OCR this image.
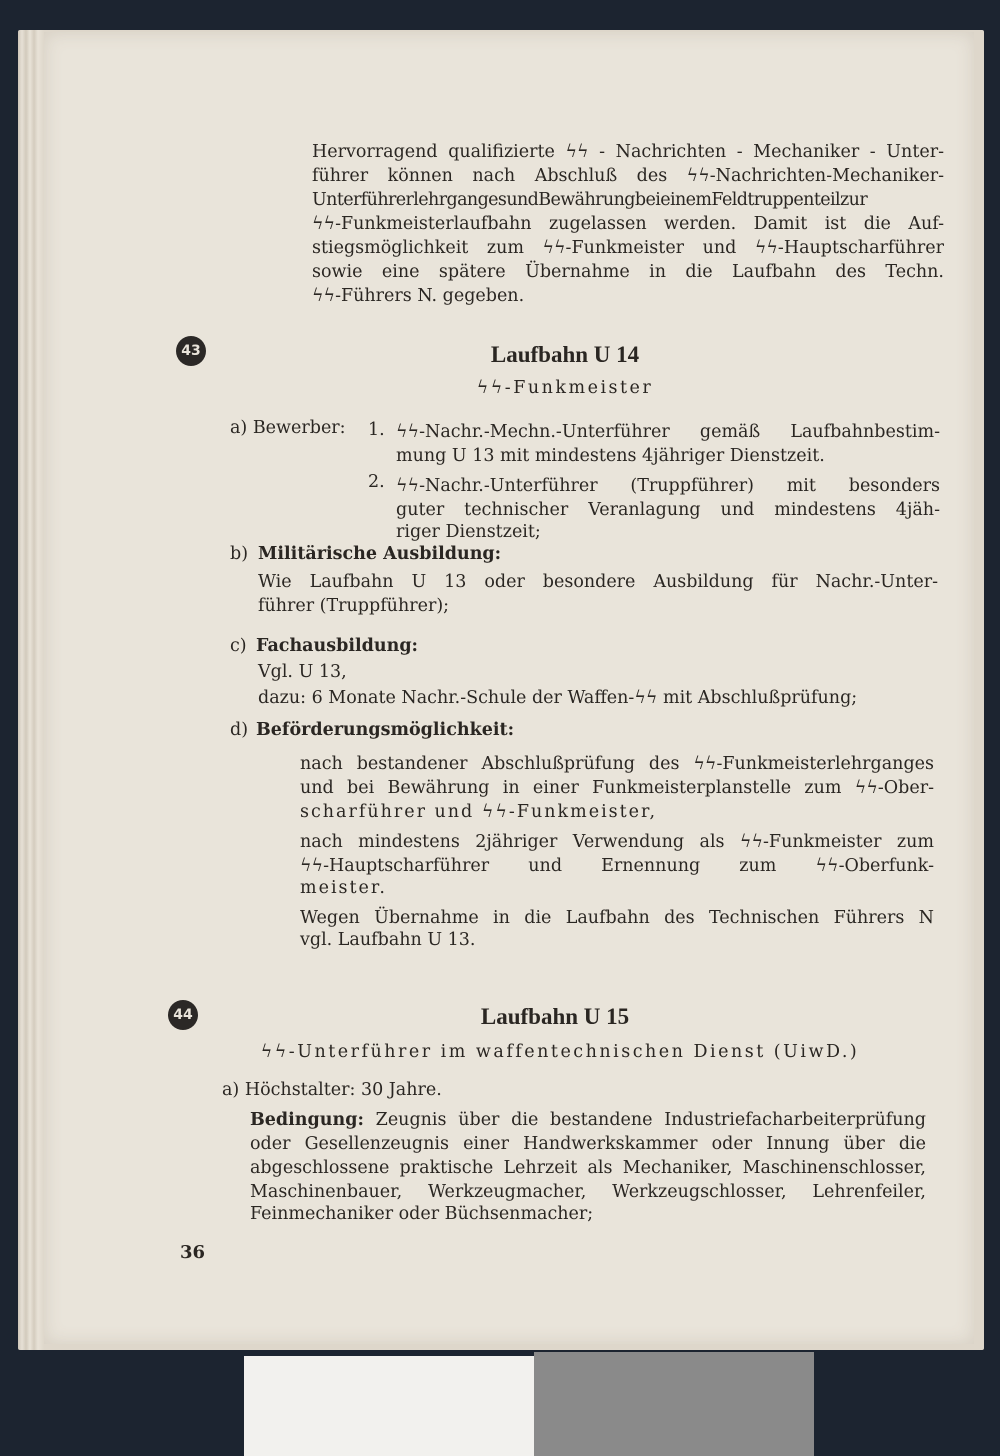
Hervorragend qualifizierte ϟϟ - Nachrichten - Mechaniker - Unter-
führer können nach Abschluß des ϟϟ-Nachrichten-Mechaniker-
UnterführerlehrgangesundBewährungbeieinemFeldtruppenteilzur
ϟϟ-Funkmeisterlaufbahn zugelassen werden. Damit ist die Auf-
stiegsmöglichkeit zum ϟϟ-Funkmeister und ϟϟ-Hauptscharführer
sowie eine spätere Übernahme in die Laufbahn des Techn.
ϟϟ-Führers N. gegeben.
43	Laufbahn U 14
ϟϟ-Funkmeister
a) Bewerber: 1. ϟϟ-Nachr.-Mechn.-Unterführer gemäß Laufbahnbestim-
mung U 13 mit mindestens 4jähriger Dienstzeit.
2. ϟϟ-Nachr.-Unterführer (Truppführer) mit besonders
guter technischer Veranlagung und mindestens 4jäh-
riger Dienstzeit;
b) Militärische Ausbildung:
Wie Laufbahn U 13 oder besondere Ausbildung für Nachr.-Unter-
führer (Truppführer);
c) Fachausbildung:
Vgl. U 13,
dazu: 6 Monate Nachr.-Schule der Waffen-ϟϟ mit Abschlußprüfung;
d) Beförderungsmöglichkeit:
nach bestandener Abschlußprüfung des ϟϟ-Funkmeisterlehrganges
und bei Bewährung in einer Funkmeisterplanstelle zum ϟϟ-Ober-
scharführer und ϟϟ-Funkmeister,
nach mindestens 2jähriger Verwendung als ϟϟ-Funkmeister zum
ϟϟ-Hauptscharführer und Ernennung zum ϟϟ-Oberfunk-
meister.
Wegen Übernahme in die Laufbahn des Technischen Führers N
vgl. Laufbahn U 13.
44	Laufbahn U 15
ϟϟ-Unterführer im waffentechnischen Dienst (UiwD.)
a) Höchstalter: 30 Jahre.
Bedingung: Zeugnis über die bestandene Industriefacharbeiterprüfung
oder Gesellenzeugnis einer Handwerkskammer oder Innung über die
abgeschlossene praktische Lehrzeit als Mechaniker, Maschinenschlosser,
Maschinenbauer, Werkzeugmacher, Werkzeugschlosser, Lehrenfeiler,
Feinmechaniker oder Büchsenmacher;
36
